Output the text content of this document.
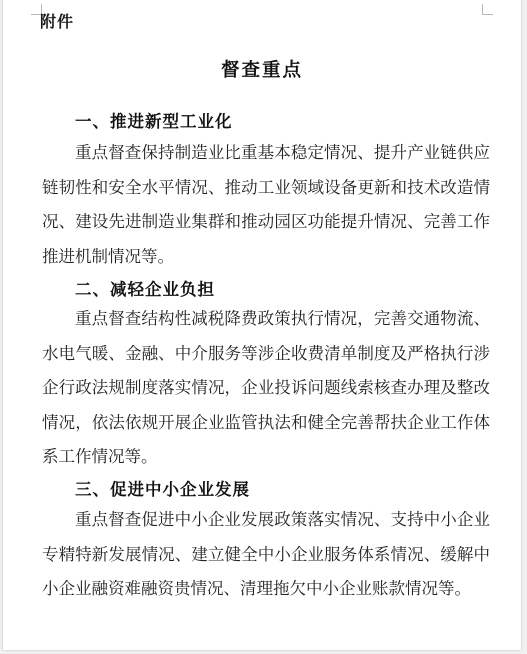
附件
督查重点
一、推进新型工业化

重点督查保持制造业比重基本稳定情况、提升产业链供应链韧性和安全水平情况、推动工业领域设备更新和技术改造情况、建设先进制造业集群和推动园区功能提升情况、完善工作推进机制情况等。

二、减轻企业负担

重点督查结构性减税降费政策执行情况，完善交通物流、水电气暖、金融、中介服务等涉企收费清单制度及严格执行涉企行政法规制度落实情况，企业投诉问题线索核查办理及整改情况，依法依规开展企业监管执法和健全完善帮扶企业工作体系工作情况等。

三、促进中小企业发展

重点督查促进中小企业发展政策落实情况、支持中小企业专精特新发展情况、建立健全中小企业服务体系情况、缓解中小企业融资难融资贵情况、清理拖欠中小企业账款情况等。
